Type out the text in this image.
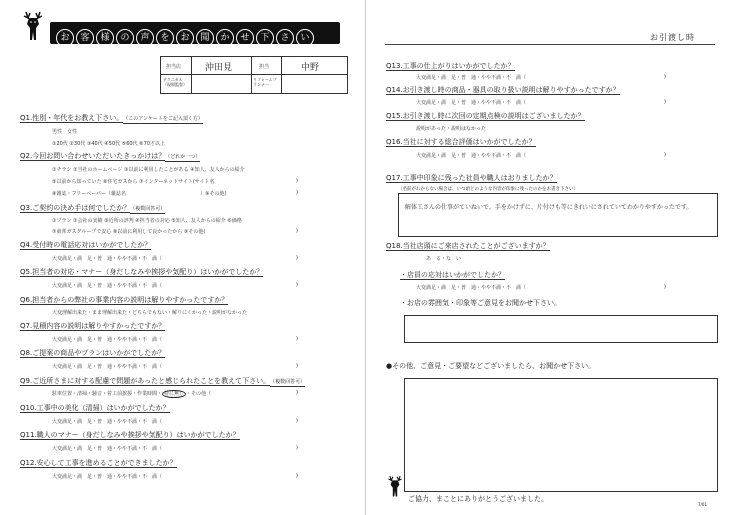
お 客 様 の 声 を お 聞 か せ 下 さ い
担当店	沖田見	担当	中野
テクニカル（現場監督）
リフォームプランナー
Q1.性別・年代をお教え下さい。（このアンケートをご記入頂く方）
男性　女性
①20代 ②30代 ③40代 ④50代 ⑤60代 ⑥70才以上
Q2.今回お問い合わせいただいたきっかけは？（どれか一つ）
①チラシ ②当社のホームページ ③以前に利用したことがある ④知人、友人からの紹介
⑤以前から知っていた ⑥住宅ガスから ⑦インターネットサイト(サイト名	)
⑧雑誌・フリーペーパー（雑誌名	）⑨その他(	)
Q3.ご契約の決め手は何でしたか？（複数回答可）
①プラン ②会社の実績 ③近所の評判 ④担当者の対応 ⑤知人、友人からの紹介 ⑥価格
⑦東邦ガスグループで安心 ⑧以前に利用して良かったから ⑨その他(	)
Q4.受付時の電話応対はいかがでしたか？
大変満足・満　足・普　通・やや不満・不　満（	)
Q5.担当者の対応・マナー（身だしなみや挨拶や気配り）はいかがでしたか？
大変満足・満　足・普　通・やや不満・不　満（	)
Q6.担当者からの弊社の事業内容の説明は解りやすかったですか？
大変理解出来た・まま理解出来た・どちらでもない・解りにくかった・説明がなかった
Q7.見積内容の説明は解りやすかったですか？
大変満足・満　足・普　通・やや不満・不　満（	)
Q8.ご提案の商品やプランはいかがでしたか？
大変満足・満　足・普　通・やや不満・不　満（	)
Q9.ご近所さまに対する配慮で問題があったと感じられたことを教えて下さい。（複数回答可）
駐車位置・清掃・騒音・着工前挨拶・作業時間・ 特に無し ・その他（	)
Q10.工事中の美化（清掃）はいかがでしたか？
大変満足・満　足・普　通・やや不満・不　満（	)
Q11.職人のマナー（身だしなみや挨拶や気配り）はいかがでしたか？
大変満足・満　足・普　通・やや不満・不　満（	)
Q12.安心して工事を進めることができましたか？
大変満足・満　足・普　通・やや不満・不　満（	)
お引渡し時
Q13.工事の仕上がりはいかがでしたか？
大変満足・満　足・普　通・やや不満・不　満（	)
Q14.お引き渡し時の商品・器具の取り扱い説明は解りやすかったですか？
大変満足・満　足・普　通・やや不満・不　満（	)
Q15.お引き渡し時に次回の定期点検の説明はございましたか？
説明があった・説明はなかった
Q16.当社に対する総合評価はいかがでしたか？
大変満足・満　足・普　通・やや不満・不　満（	)
Q17.工事中印象に残った社員や職人はおりましたか？
（名前がわからない場合は、いつ頃どのような内容が印象に残ったのかをお書き下さい）
解体工さんの仕事がていねいで、手をかけずに、片付けも等にきれいにされていてわかりやすかったです。
Q18.当社店頭にご来店されたことがございますか？
あ　る・な　い
・店員の応対はいかがでしたか？
大変満足・満　足・普　通・やや不満・不　満（	)
・お店の雰囲気・印象等ご意見をお聞かせ下さい。
●その他、ご意見・ご要望などございましたら、お聞かせ下さい。
ご協力、まことにありがとうございました。
7/01
